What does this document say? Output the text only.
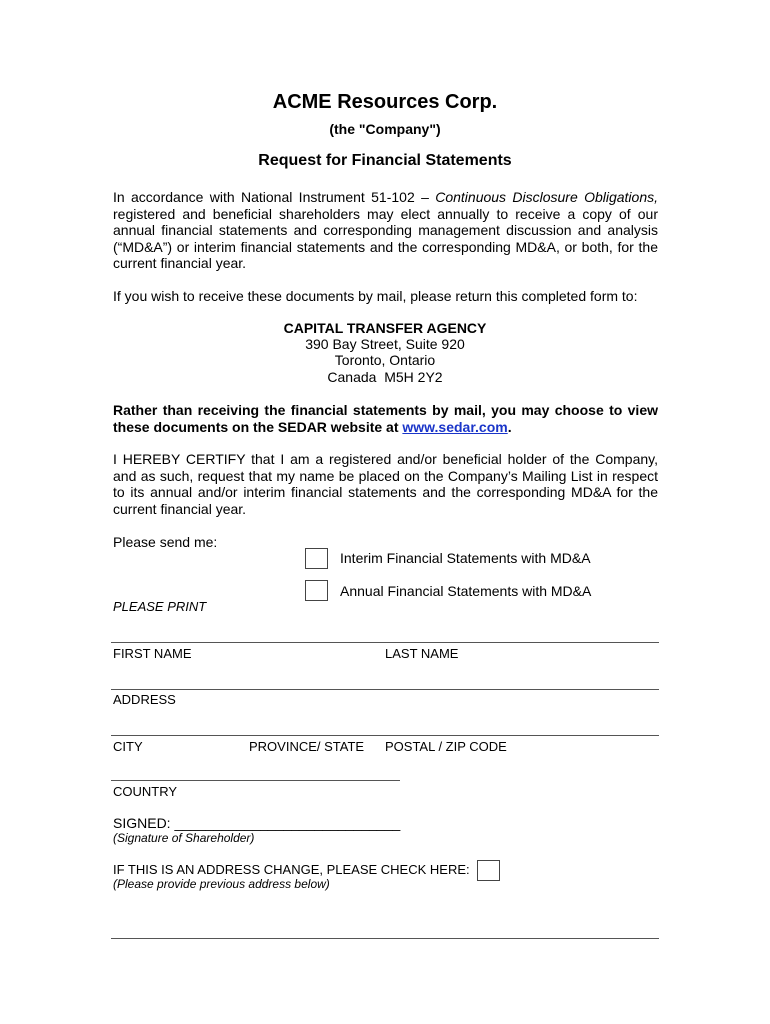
ACME Resources Corp.
(the "Company")
Request for Financial Statements
In accordance with National Instrument 51-102 – Continuous Disclosure Obligations, registered and beneficial shareholders may elect annually to receive a copy of our annual financial statements and corresponding management discussion and analysis (“MD&A”) or interim financial statements and the corresponding MD&A, or both, for the current financial year.
If you wish to receive these documents by mail, please return this completed form to:
CAPITAL TRANSFER AGENCY
390 Bay Street, Suite 920
Toronto, Ontario
Canada  M5H 2Y2
Rather than receiving the financial statements by mail, you may choose to view these documents on the SEDAR website at www.sedar.com.
I HEREBY CERTIFY that I am a registered and/or beneficial holder of the Company, and as such, request that my name be placed on the Company’s Mailing List in respect to its annual and/or interim financial statements and the corresponding MD&A for the current financial year.
Please send me:
Interim Financial Statements with MD&A
Annual Financial Statements with MD&A
PLEASE PRINT
FIRST NAME	LAST NAME
ADDRESS
CITY	PROVINCE/ STATE POSTAL / ZIP CODE
COUNTRY
SIGNED: _____________________________
(Signature of Shareholder)
IF THIS IS AN ADDRESS CHANGE, PLEASE CHECK HERE:
(Please provide previous address below)
